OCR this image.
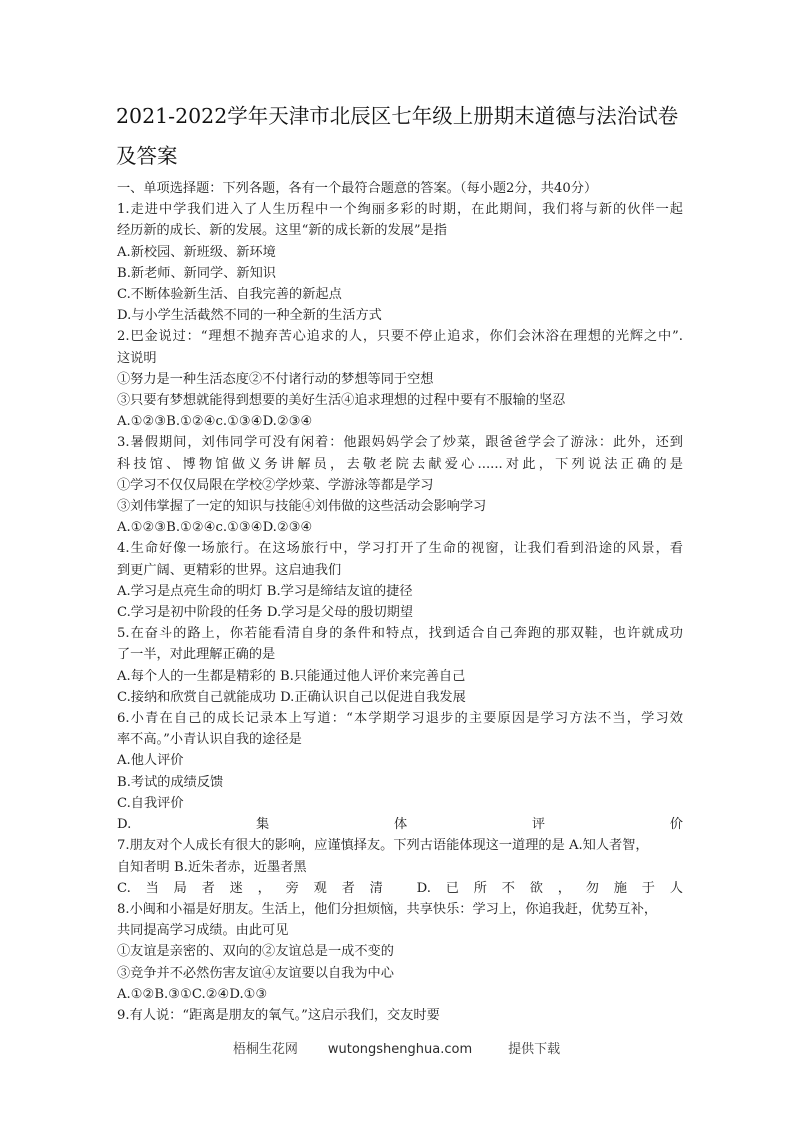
2021-2022学年天津市北辰区七年级上册期末道德与法治试卷及答案
一、单项选择题：下列各题，各有一个最符合题意的答案。（每小题2分，共40分）
1.走进中学我们进入了人生历程中一个绚丽多彩的时期，在此期间，我们将与新的伙伴一起
经历新的成长、新的发展。这里“新的成长新的发展”是指
A.新校园、新班级、新环境
B.新老师、新同学、新知识
C.不断体验新生活、自我完善的新起点
D.与小学生活截然不同的一种全新的生活方式
2.巴金说过：“理想不抛弃苦心追求的人，只要不停止追求，你们会沐浴在理想的光辉之中”.
这说明
①努力是一种生活态度②不付诸行动的梦想等同于空想
③只要有梦想就能得到想要的美好生活④追求理想的过程中要有不服输的坚忍
A.①②③B.①②④c.①③④D.②③④
3.暑假期间，刘伟同学可没有闲着：他跟妈妈学会了炒菜，跟爸爸学会了游泳：此外，还到
科技馆、博物馆做义务讲解员，去敬老院去献爱心......对此，下列说法正确的是
①学习不仅仅局限在学校②学炒菜、学游泳等都是学习
③刘伟掌握了一定的知识与技能④刘伟做的这些活动会影响学习
A.①②③B.①②④c.①③④D.②③④
4.生命好像一场旅行。在这场旅行中，学习打开了生命的视窗，让我们看到沿途的风景，看
到更广阔、更精彩的世界。这启迪我们
A.学习是点亮生命的明灯 B.学习是缔结友谊的捷径
C.学习是初中阶段的任务 D.学习是父母的殷切期望
5.在奋斗的路上，你若能看清自身的条件和特点，找到适合自己奔跑的那双鞋，也许就成功
了一半，对此理解正确的是
A.每个人的一生都是精彩的 B.只能通过他人评价来完善自己
C.接纳和欣赏自己就能成功 D.正确认识自己以促进自我发展
6.小青在自己的成长记录本上写道：“本学期学习退步的主要原因是学习方法不当，学习效
率不高。”小青认识自我的途径是
A.他人评价
B.考试的成绩反馈
C.自我评价
D.集体评价
7.朋友对个人成长有很大的影响，应谨慎择友。下列古语能体现这一道理的是 A.知人者智，
自知者明 B.近朱者赤，近墨者黑
C.当局者迷，旁观者清 D.已所不欲，勿施于人
8.小闽和小福是好朋友。生活上，他们分担烦恼，共享快乐：学习上，你追我赶，优势互补，
共同提高学习成绩。由此可见
①友谊是亲密的、双向的②友谊总是一成不变的
③竞争并不必然伤害友谊④友谊要以自我为中心
A.①②B.③①C.②④D.①③
9.有人说：“距离是朋友的氧气。”这启示我们，交友时要
梧桐生花网 wutongshenghua.com	提供下载
